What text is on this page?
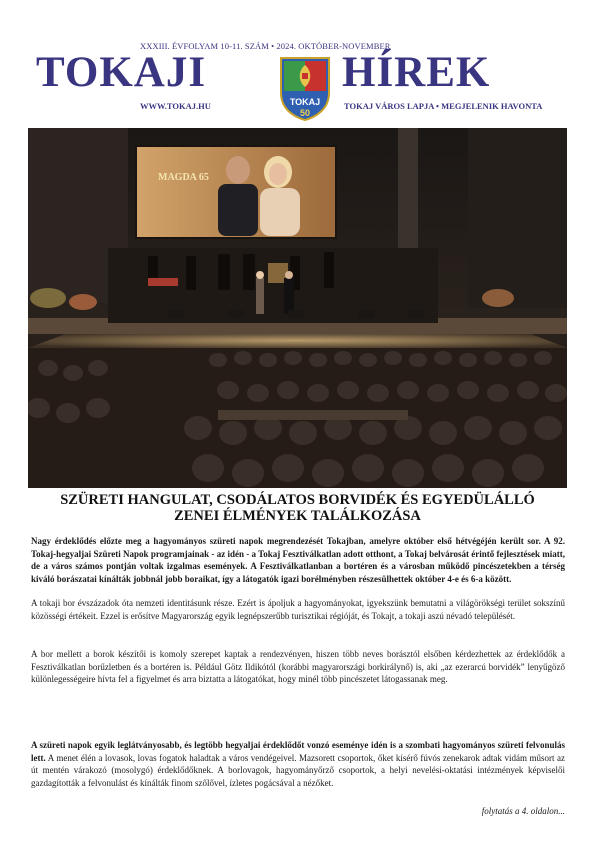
XXXIII. ÉVFOLYAM 10-11. SZÁM • 2024. OKTÓBER-NOVEMBER
TOKAJI	HÍREK
WWW.TOKAJ.HU	TOKAJ VÁROS LAPJA • MEGJELENIK HAVONTA
TOKAJ
50
MAGDA 65
SZÜRETI HANGULAT, CSODÁLATOS BORVIDÉK ÉS EGYEDÜLÁLLÓ
ZENEI ÉLMÉNYEK TALÁLKOZÁSA
Nagy érdeklődés előzte meg a hagyományos szüreti napok megrendezését Tokajban, amelyre október első hétvégéjén került sor. A 92. Tokaj-hegyaljai Szüreti Napok programjainak - az idén - a Tokaj Fesztiválkatlan adott otthont, a Tokaj belvárosát érintő fejlesztések miatt, de a város számos pontján voltak izgalmas események. A Fesztiválkatlanban a bortéren és a városban működő pincészetekben a térség kiváló borászatai kínálták jobbnál jobb boraikat, így a látogatók igazi borélményben részesülhettek október 4-e és 6-a között.
A tokaji bor évszázadok óta nemzeti identitásunk része. Ezért is ápoljuk a hagyományokat, igyekszünk bemutatni a világörökségi terület sokszínű közösségi értékeit. Ezzel is erősítve Magyarország egyik legnépszerűbb turisztikai régióját, és Tokajt, a tokaji aszú névadó települését.
A bor mellett a borok készítői is komoly szerepet kaptak a rendezvényen, hiszen több neves borásztól elsőben kérdezhettek az érdeklődők a Fesztiválkatlan borűzletben és a bortéren is. Például Götz Ildikótól (korábbi magyarországi borkirálynő) is, aki „az ezerarcú borvidék” lenyűgöző különlegességeire hívta fel a figyelmet és arra biztatta a látogatókat, hogy minél több pincészetet látogassanak meg.
A szüreti napok egyik leglátványosabb, és legtöbb hegyaljai érdeklődőt vonzó eseménye idén is a szombati hagyományos szüreti felvonulás lett. A menet élén a lovasok, lovas fogatok haladtak a város vendégeivel. Mazsorett csoportok, őket kísérő fúvós zenekarok adtak vidám műsort az út mentén várakozó (mosolygó) érdeklődőknek. A borlovagok, hagyományőrző csoportok, a helyi nevelési-oktatási intézmények képviselői gazdagították a felvonulást és kínálták finom szőlővel, ízletes pogácsával a nézőket.
folytatás a 4. oldalon...
